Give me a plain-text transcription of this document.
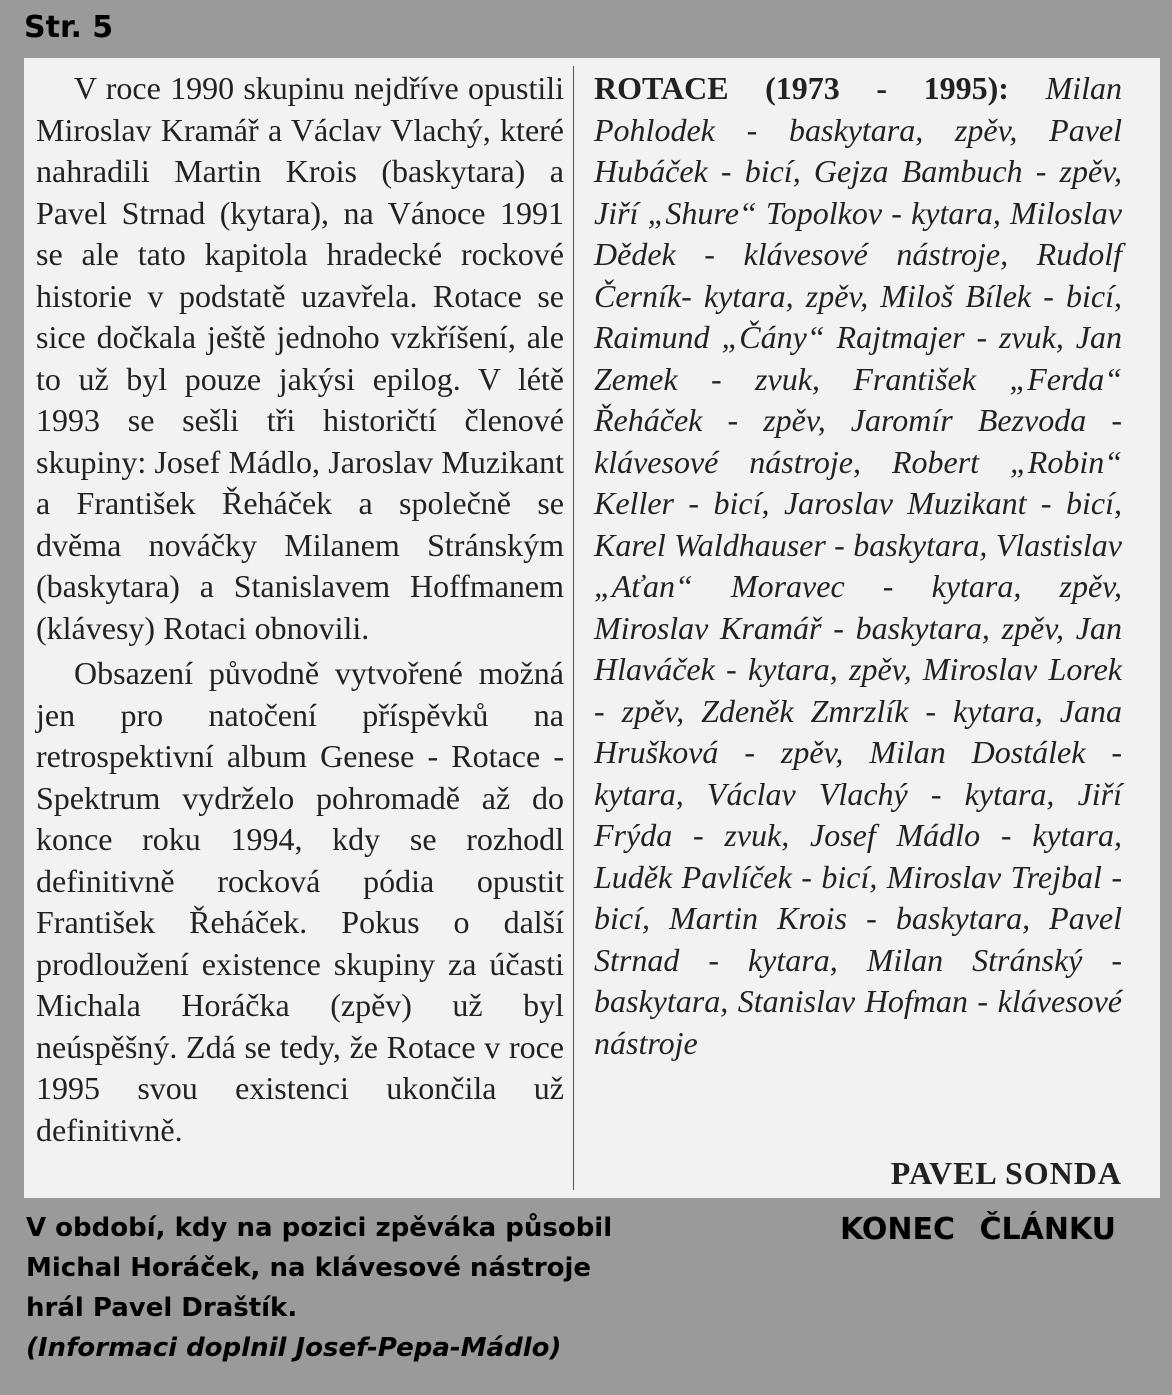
Str. 5

V roce 1990 skupinu nejdříve opustili Miroslav Kramář a Václav Vlachý, které nahradili Martin Krois (baskytara) a Pavel Strnad (kytara), na Vánoce 1991 se ale tato kapitola hradecké rockové historie v podstatě uzavřela. Rotace se sice dočkala ještě jednoho vzkříšení, ale to už byl pouze jakýsi epilog. V létě 1993 se sešli tři historičtí členové skupiny: Josef Mádlo, Jaroslav Muzikant a František Řeháček a společně se dvěma nováčky Milanem Stránským (baskytara) a Stanislavem Hoffmanem (klávesy) Rotaci obnovili.

Obsazení původně vytvořené možná jen pro natočení příspěvků na retrospektivní album Genese - Rotace - Spektrum vydrželo pohromadě až do konce roku 1994, kdy se rozhodl definitivně rocková pódia opustit František Řeháček. Pokus o další prodloužení existence skupiny za účasti Michala Horáčka (zpěv) už byl neúspěšný. Zdá se tedy, že Rotace v roce 1995 svou existenci ukončila už definitivně.

ROTACE (1973 - 1995): Milan Pohlodek - baskytara, zpěv, Pavel Hubáček - bicí, Gejza Bambuch - zpěv, Jiří „Shure“ Topolkov - kytara, Miloslav Dědek - klávesové nástroje, Rudolf Černík- kytara, zpěv, Miloš Bílek - bicí, Raimund „Čány“ Rajtmajer - zvuk, Jan Zemek - zvuk, František „Ferda“ Řeháček - zpěv, Jaromír Bezvoda - klávesové nástroje, Robert „Robin“ Keller - bicí, Jaroslav Muzikant - bicí, Karel Waldhauser - baskytara, Vlastislav „Aťan“ Moravec - kytara, zpěv, Miroslav Kramář - baskytara, zpěv, Jan Hlaváček - kytara, zpěv, Miroslav Lorek - zpěv, Zdeněk Zmrzlík - kytara, Jana Hrušková - zpěv, Milan Dostálek - kytara, Václav Vlachý - kytara, Jiří Frýda - zvuk, Josef Mádlo - kytara, Luděk Pavlíček - bicí, Miroslav Trejbal - bicí, Martin Krois - baskytara, Pavel Strnad - kytara, Milan Stránský - baskytara, Stanislav Hofman - klávesové nástroje

PAVEL SONDA
V období, kdy na pozici zpěváka působil
Michal Horáček, na klávesové nástroje
hrál Pavel Draštík.
(Informaci doplnil Josef-Pepa-Mádlo)
KONEC ČLÁNKU
